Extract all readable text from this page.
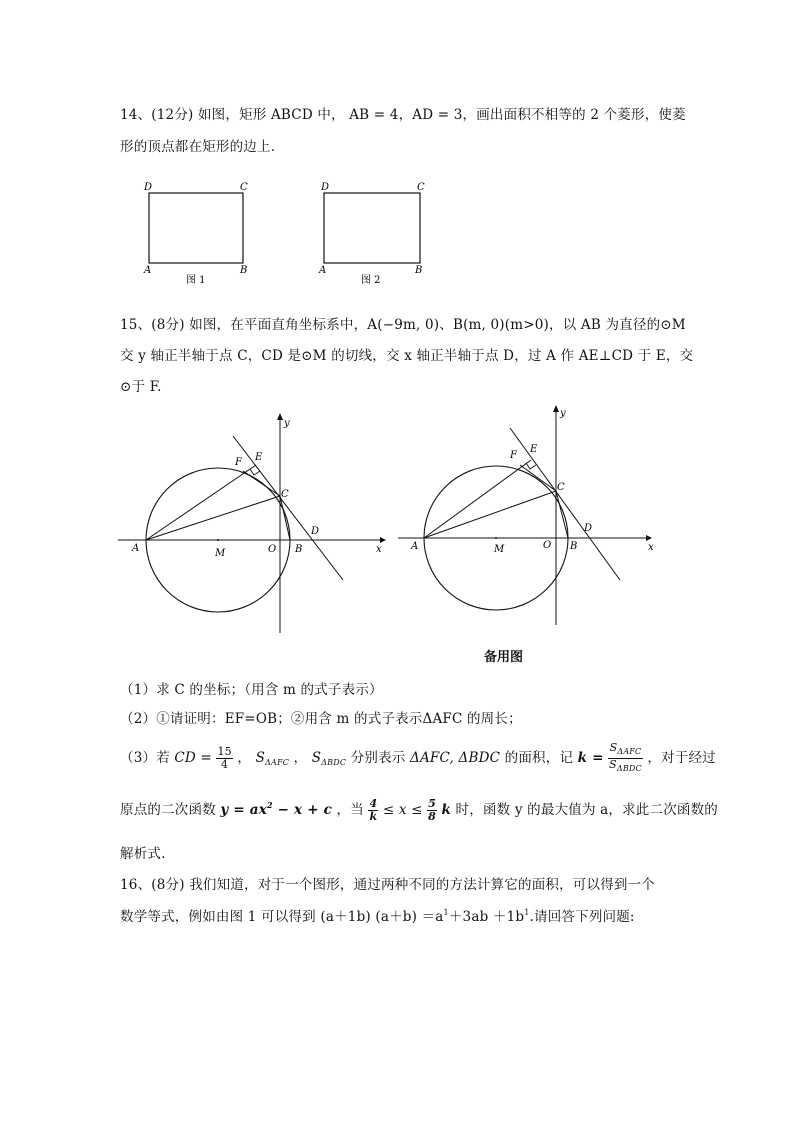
14、(12分) 如图，矩形 ABCD 中， AB = 4，AD = 3，画出面积不相等的 2 个菱形，使菱
形的顶点都在矩形的边上.
D	C
A	B
图 1
D	C
A	B
图 2
15、(8分) 如图，在平面直角坐标系中，A(−9m, 0)、B(m, 0)(m>0)，以 AB 为直径的⊙M
交 y 轴正半轴于点 C，CD 是⊙M 的切线，交 x 轴正半轴于点 D，过 A 作 AE⊥CD 于 E，交
⊙于 F.
y
x
F E
C
D
A	M	O B
y
x
F
E
C
D
A	M	O B
备用图
（1）求 C 的坐标；（用含 m 的式子表示）
（2）①请证明：EF=OB；②用含 m 的式子表示ΔAFC 的周长；
（3）若 CD = $\frac{15}{4}$ ， $S_{\Delta AFC}$ ， $S_{\Delta BDC}$ 分别表示 ΔAFC, ΔBDC 的面积，记 $k = \frac{S_{\Delta AFC}}{S_{\Delta BDC}}$ ，对于经过
原点的二次函数 $y = ax^2 - x + c$ ，当 $\frac{4}{k} \le x \le \frac{5}{8}$ k 时，函数 y 的最大值为 a，求此二次函数的
解析式.
16、(8分) 我们知道，对于一个图形，通过两种不同的方法计算它的面积，可以得到一个
数学等式，例如由图 1 可以得到 (a＋1b) $(a+b) =a^1+3ab +1b^1$.请回答下列问题:
